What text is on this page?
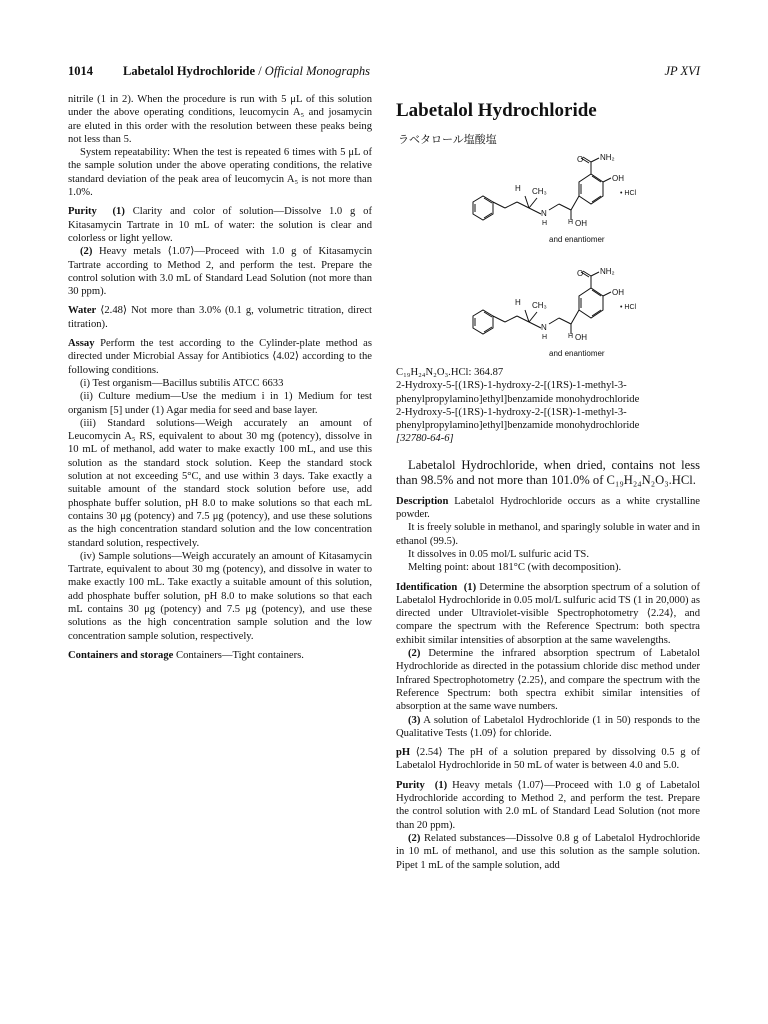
1014 Labetalol Hydrochloride / Official Monographs	JP XVI

nitrile (1 in 2). When the procedure is run with 5 μL of this solution under the above operating conditions, leucomycin A₅ and josamycin are eluted in this order with the resolution between these peaks being not less than 5.

System repeatability: When the test is repeated 6 times with 5 μL of the sample solution under the above operating conditions, the relative standard deviation of the peak area of leucomycin A₅ is not more than 1.0%.

Purity (1) Clarity and color of solution—Dissolve 1.0 g of Kitasamycin Tartrate in 10 mL of water: the solution is clear and colorless or light yellow.

(2) Heavy metals ⟨1.07⟩—Proceed with 1.0 g of Kitasamycin Tartrate according to Method 2, and perform the test. Prepare the control solution with 3.0 mL of Standard Lead Solution (not more than 30 ppm).

Water ⟨2.48⟩ Not more than 3.0% (0.1 g, volumetric titration, direct titration).

Assay Perform the test according to the Cylinder-plate method as directed under Microbial Assay for Antibiotics ⟨4.02⟩ according to the following conditions.

(i) Test organism—Bacillus subtilis ATCC 6633

(ii) Culture medium—Use the medium i in 1) Medium for test organism [5] under (1) Agar media for seed and base layer.

(iii) Standard solutions—Weigh accurately an amount of Leucomycin A₅ RS, equivalent to about 30 mg (potency), dissolve in 10 mL of methanol, add water to make exactly 100 mL, and use this solution as the standard stock solution. Keep the standard stock solution at not exceeding 5°C, and use within 3 days. Take exactly a suitable amount of the standard stock solution before use, add phosphate buffer solution, pH 8.0 to make solutions so that each mL contains 30 μg (potency) and 7.5 μg (potency), and use these solutions as the high concentration standard solution and the low concentration standard solution, respectively.

(iv) Sample solutions—Weigh accurately an amount of Kitasamycin Tartrate, equivalent to about 30 mg (potency), and dissolve in water to make exactly 100 mL. Take exactly a suitable amount of this solution, add phosphate buffer solution, pH 8.0 to make solutions so that each mL contains 30 μg (potency) and 7.5 μg (potency), and use these solutions as the high concentration sample solution and the low concentration sample solution, respectively.

Containers and storage Containers—Tight containers.

Labetalol Hydrochloride
ラベタロール塩酸塩
O NH₂
OH
• HCl
H CH₃
N
H	H OH
and enantiomer
O NH₂
OH
• HCl
H CH₃
N
H	H OH
and enantiomer

C₁₉H₂₄N₂O₃.HCl: 364.87

2-Hydroxy-5-[(1RS)-1-hydroxy-2-[(1RS)-1-methyl-3-phenylpropylamino]ethyl]benzamide monohydrochloride

2-Hydroxy-5-[(1RS)-1-hydroxy-2-[(1SR)-1-methyl-3-phenylpropylamino]ethyl]benzamide monohydrochloride

[32780-64-6]

Labetalol Hydrochloride, when dried, contains not less than 98.5% and not more than 101.0% of C₁₉H₂₄N₂O₃.HCl.

Description Labetalol Hydrochloride occurs as a white crystalline powder.

It is freely soluble in methanol, and sparingly soluble in water and in ethanol (99.5).

It dissolves in 0.05 mol/L sulfuric acid TS.

Melting point: about 181°C (with decomposition).

Identification (1) Determine the absorption spectrum of a solution of Labetalol Hydrochloride in 0.05 mol/L sulfuric acid TS (1 in 20,000) as directed under Ultraviolet-visible Spectrophotometry ⟨2.24⟩, and compare the spectrum with the Reference Spectrum: both spectra exhibit similar intensities of absorption at the same wavelengths.

(2) Determine the infrared absorption spectrum of Labetalol Hydrochloride as directed in the potassium chloride disc method under Infrared Spectrophotometry ⟨2.25⟩, and compare the spectrum with the Reference Spectrum: both spectra exhibit similar intensities of absorption at the same wave numbers.

(3) A solution of Labetalol Hydrochloride (1 in 50) responds to the Qualitative Tests ⟨1.09⟩ for chloride.

pH ⟨2.54⟩ The pH of a solution prepared by dissolving 0.5 g of Labetalol Hydrochloride in 50 mL of water is between 4.0 and 5.0.

Purity (1) Heavy metals ⟨1.07⟩—Proceed with 1.0 g of Labetalol Hydrochloride according to Method 2, and perform the test. Prepare the control solution with 2.0 mL of Standard Lead Solution (not more than 20 ppm).

(2) Related substances—Dissolve 0.8 g of Labetalol Hydrochloride in 10 mL of methanol, and use this solution as the sample solution. Pipet 1 mL of the sample solution, add
